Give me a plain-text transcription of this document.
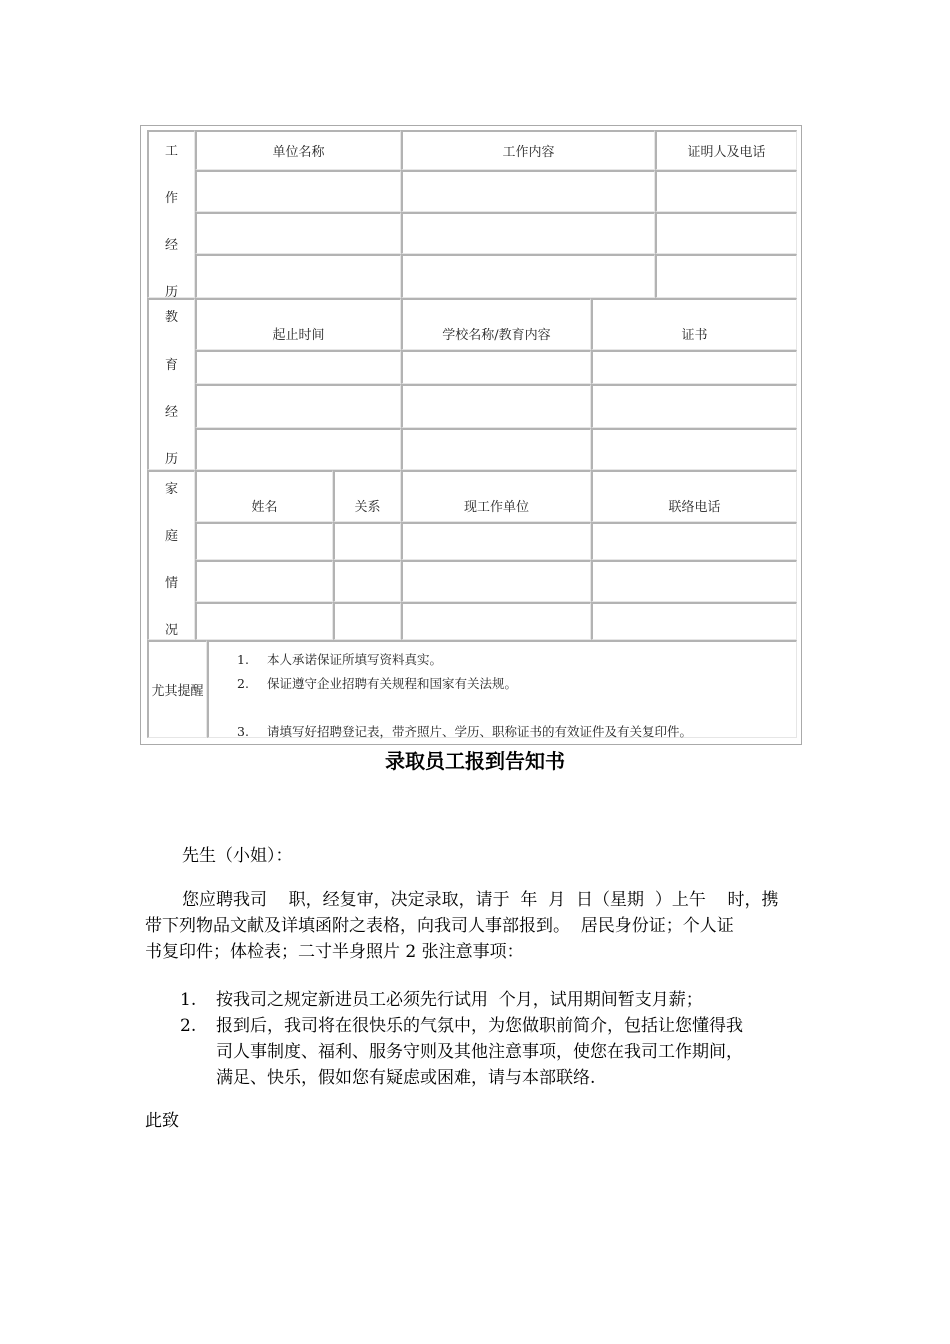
工
作
经
历
单位名称	工作内容	证明人及电话
教
育
经
历
起止时间	学校名称/教育内容	证书
家
庭
情
况
姓名	关系	现工作单位	联络电话
尤其提醒
1. 本人承诺保证所填写资料真实。
2. 保证遵守企业招聘有关规程和国家有关法规。
3. 请填写好招聘登记表，带齐照片、学历、职称证书的有效证件及有关复印件。
录取员工报到告知书
先生（小姐）：
您应聘我司    职，经复审，决定录取，请于  年  月  日（星期  ）上午    时，携
带下列物品文献及详填函附之表格，向我司人事部报到。  居民身份证；个人证
书复印件；体检表；二寸半身照片 2 张注意事项：
1. 按我司之规定新进员工必须先行试用  个月，试用期间暂支月薪；
2. 报到后，我司将在很快乐的气氛中，为您做职前简介，包括让您懂得我
司人事制度、福利、服务守则及其他注意事项，使您在我司工作期间，
满足、快乐，假如您有疑虑或困难，请与本部联络.
此致
